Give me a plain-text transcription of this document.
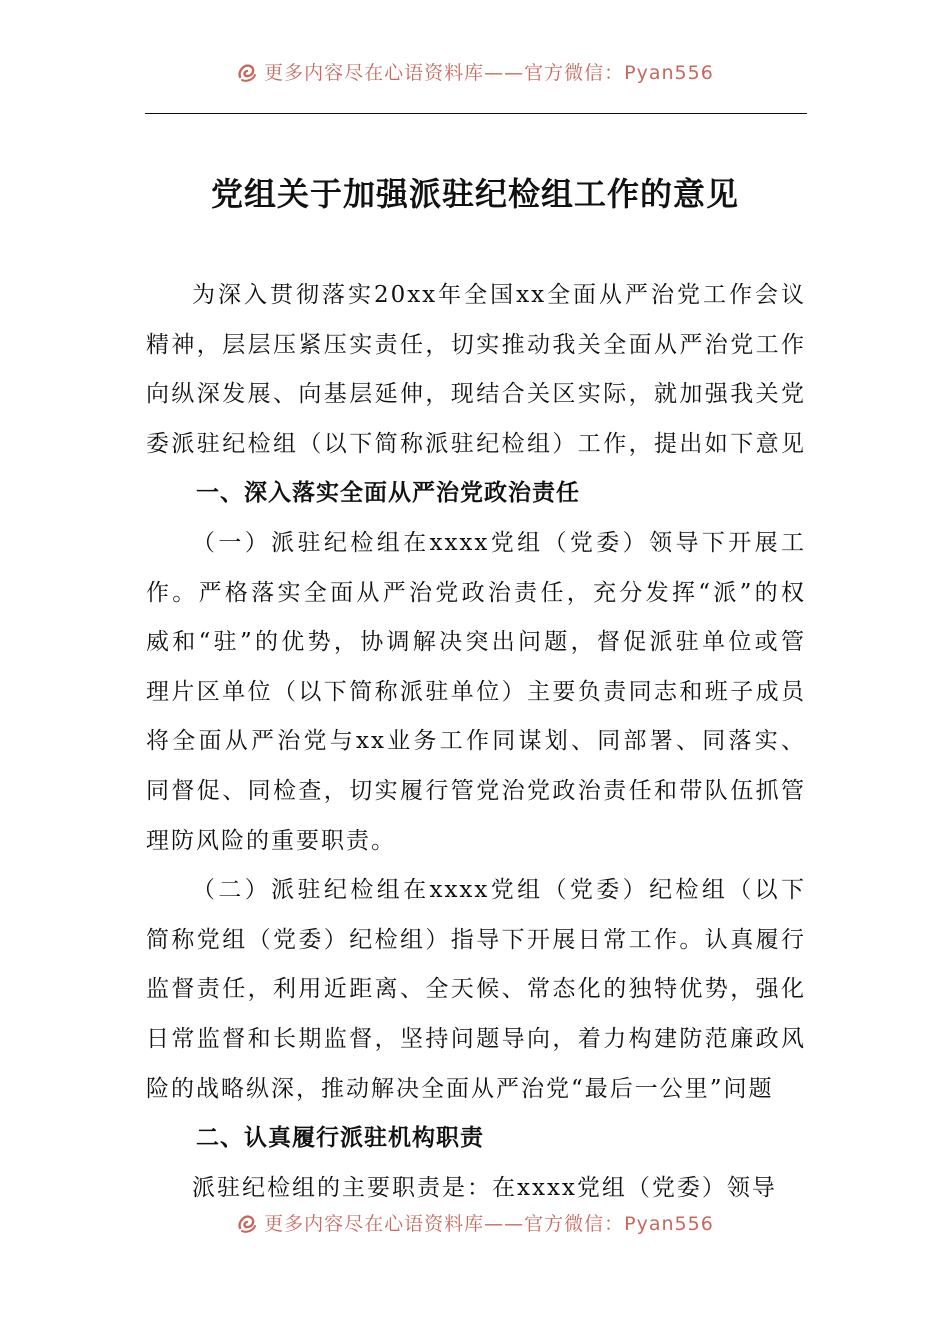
更多内容尽在心语资料库——官方微信：Pyan556
党组关于加强派驻纪检组工作的意见

为深入贯彻落实20xx年全国xx全面从严治党工作会议

精神，层层压紧压实责任，切实推动我关全面从严治党工作

向纵深发展、向基层延伸，现结合关区实际，就加强我关党

委派驻纪检组（以下简称派驻纪检组）工作，提出如下意见

一、深入落实全面从严治党政治责任

（一）派驻纪检组在xxxx党组（党委）领导下开展工

作。严格落实全面从严治党政治责任，充分发挥“派”的权

威和“驻”的优势，协调解决突出问题，督促派驻单位或管

理片区单位（以下简称派驻单位）主要负责同志和班子成员

将全面从严治党与xx业务工作同谋划、同部署、同落实、

同督促、同检查，切实履行管党治党政治责任和带队伍抓管

理防风险的重要职责。

（二）派驻纪检组在xxxx党组（党委）纪检组（以下

简称党组（党委）纪检组）指导下开展日常工作。认真履行

监督责任，利用近距离、全天候、常态化的独特优势，强化

日常监督和长期监督，坚持问题导向，着力构建防范廉政风

险的战略纵深，推动解决全面从严治党“最后一公里”问题

二、认真履行派驻机构职责

派驻纪检组的主要职责是：在xxxx党组（党委）领导

更多内容尽在心语资料库——官方微信：Pyan556
